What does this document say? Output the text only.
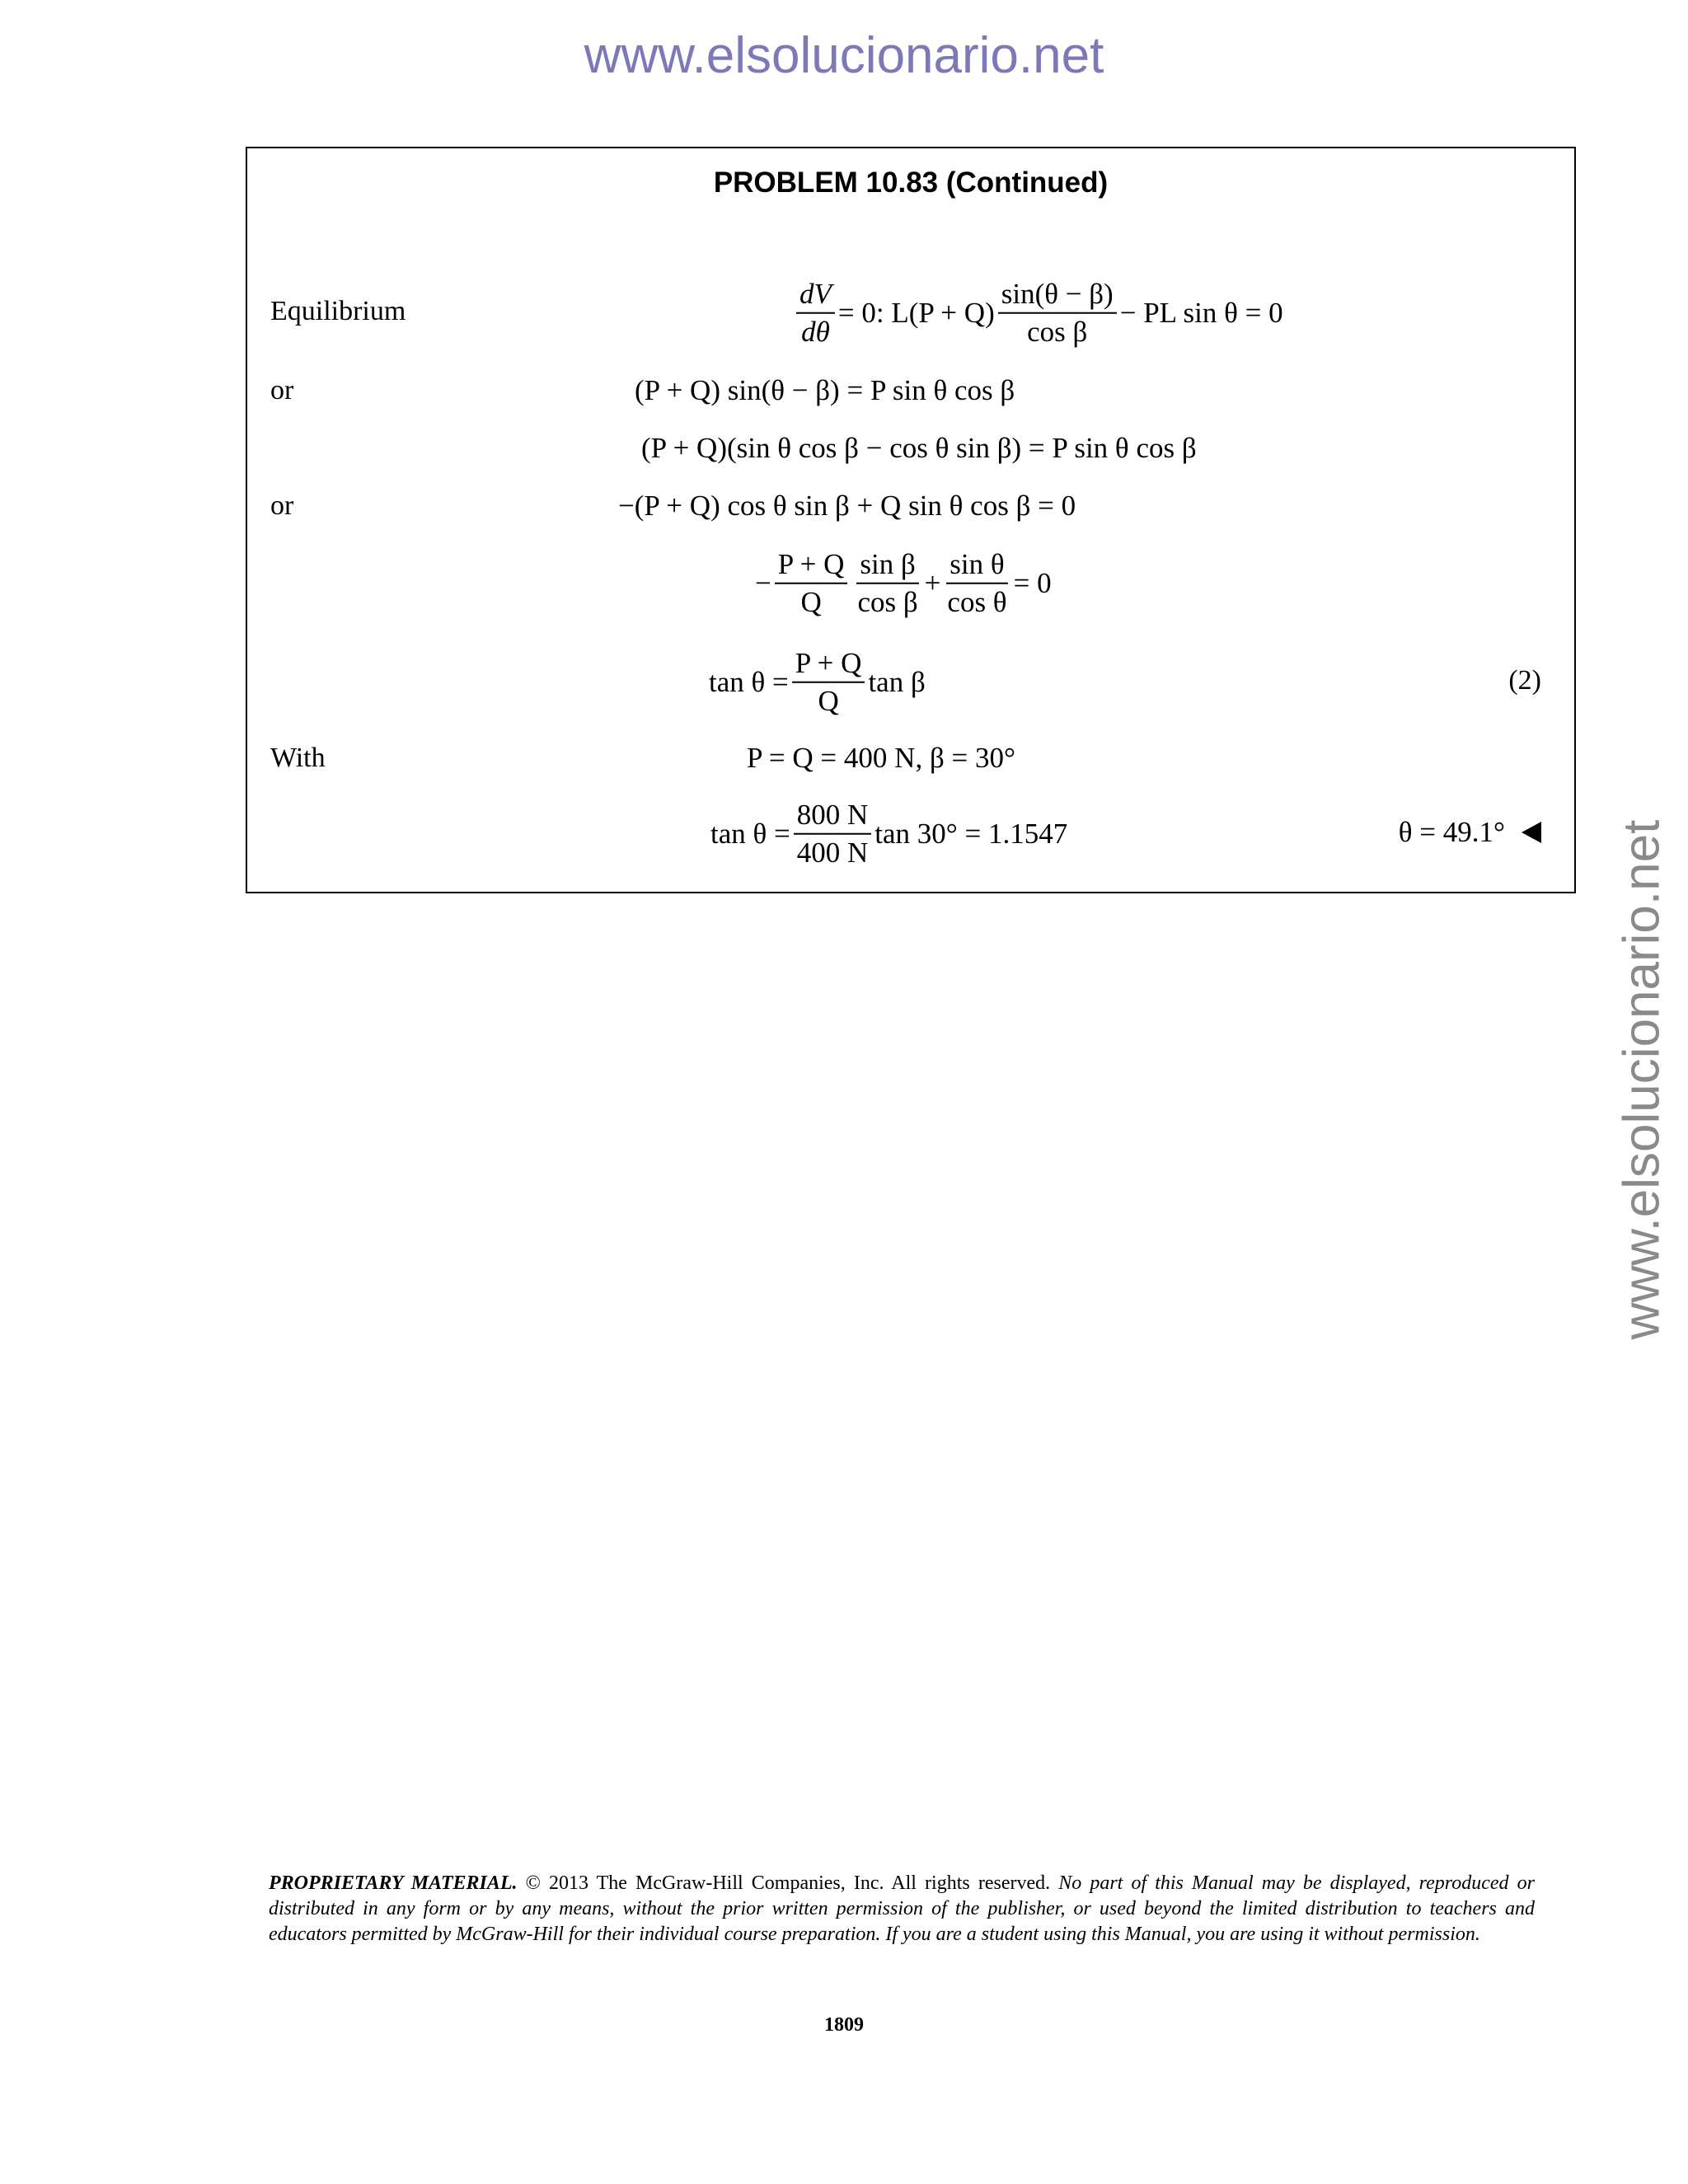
www.elsolucionario.net
www.elsolucionario.net
PROBLEM 10.83 (Continued)
Equilibrium	$\frac{dV}{d\theta} = 0$: $L(P + Q) \frac{\sin(\theta - \beta)}{\text{cos β}}$ − PL sin θ = 0
or	(P + Q) sin(θ − β) = P sin θ cos β
(P + Q)(sin θ cos β − cos θ sin β) = P sin θ cos β
or	−(P + Q) cos θ sin β + Q sin θ cos β = 0
− $\frac{P + Q}{Q} \frac{\text{sin β}}{\text{cos β}} + \frac{\text{sin θ}}{\text{cos θ}} = 0$
$\tan \theta = \frac{P + Q}{Q}$ tan β	(2)
With	P = Q = 400 N, β = 30°
$\tan \theta = \frac{800 N}{400 N}$ tan 30° = 1.1547	θ = 49.1°
PROPRIETARY MATERIAL. © 2013 The McGraw-Hill Companies, Inc. All rights reserved. No part of this Manual may be displayed, reproduced or distributed in any form or by any means, without the prior written permission of the publisher, or used beyond the limited distribution to teachers and educators permitted by McGraw-Hill for their individual course preparation. If you are a student using this Manual, you are using it without permission.
1809
